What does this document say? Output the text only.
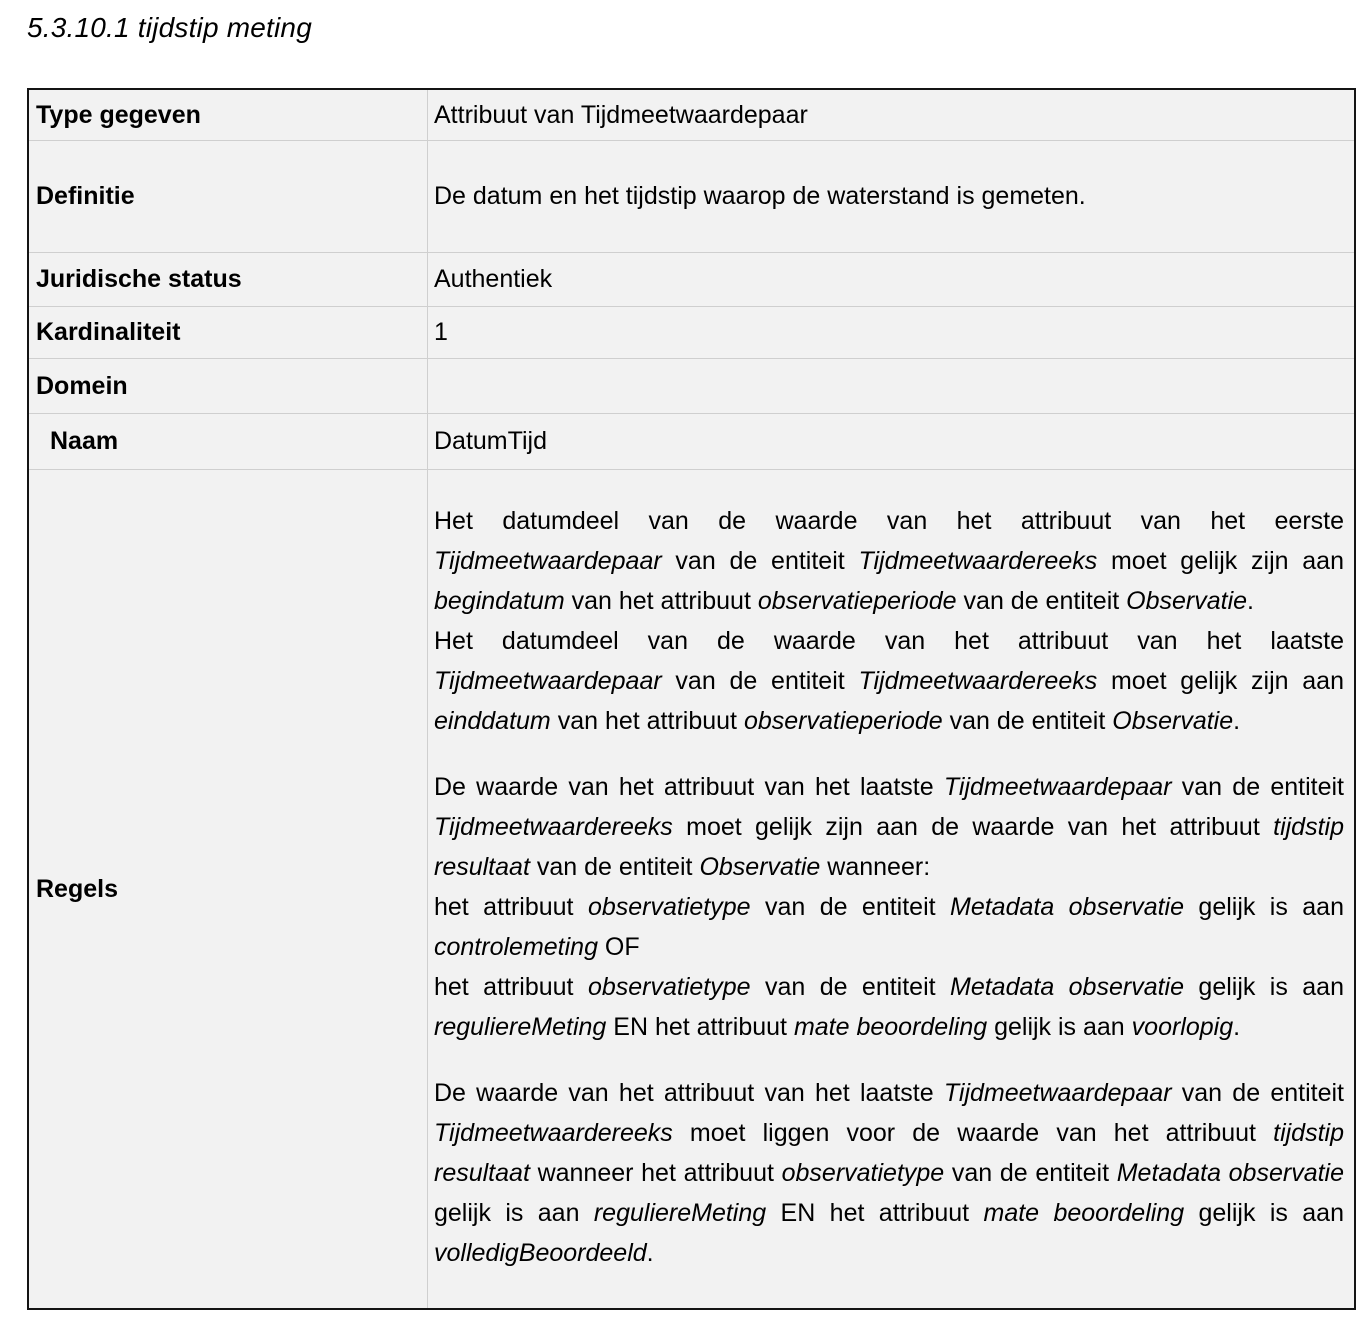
5.3.10.1 tijdstip meting
Type gegeven	Attribuut van Tijdmeetwaardepaar
Definitie	De datum en het tijdstip waarop de waterstand is gemeten.
Juridische status	Authentiek
Kardinaliteit	1
Domein
Naam	DatumTijd
Regels

Het datumdeel van de waarde van het attribuut van het eerste Tijdmeetwaardepaar van de entiteit Tijdmeetwaardereeks moet gelijk zijn aan begindatum van het attribuut observatieperiode van de entiteit Observatie.

Het datumdeel van de waarde van het attribuut van het laatste Tijdmeetwaardepaar van de entiteit Tijdmeetwaardereeks moet gelijk zijn aan einddatum van het attribuut observatieperiode van de entiteit Observatie.

De waarde van het attribuut van het laatste Tijdmeetwaardepaar van de entiteit Tijdmeetwaardereeks moet gelijk zijn aan de waarde van het attribuut tijdstip resultaat van de entiteit Observatie wanneer:

het attribuut observatietype van de entiteit Metadata observatie gelijk is aan controlemeting OF

het attribuut observatietype van de entiteit Metadata observatie gelijk is aan reguliereMeting EN het attribuut mate beoordeling gelijk is aan voorlopig.

De waarde van het attribuut van het laatste Tijdmeetwaardepaar van de entiteit Tijdmeetwaardereeks moet liggen voor de waarde van het attribuut tijdstip resultaat wanneer het attribuut observatietype van de entiteit Metadata observatie gelijk is aan reguliereMeting EN het attribuut mate beoordeling gelijk is aan volledigBeoordeeld.
